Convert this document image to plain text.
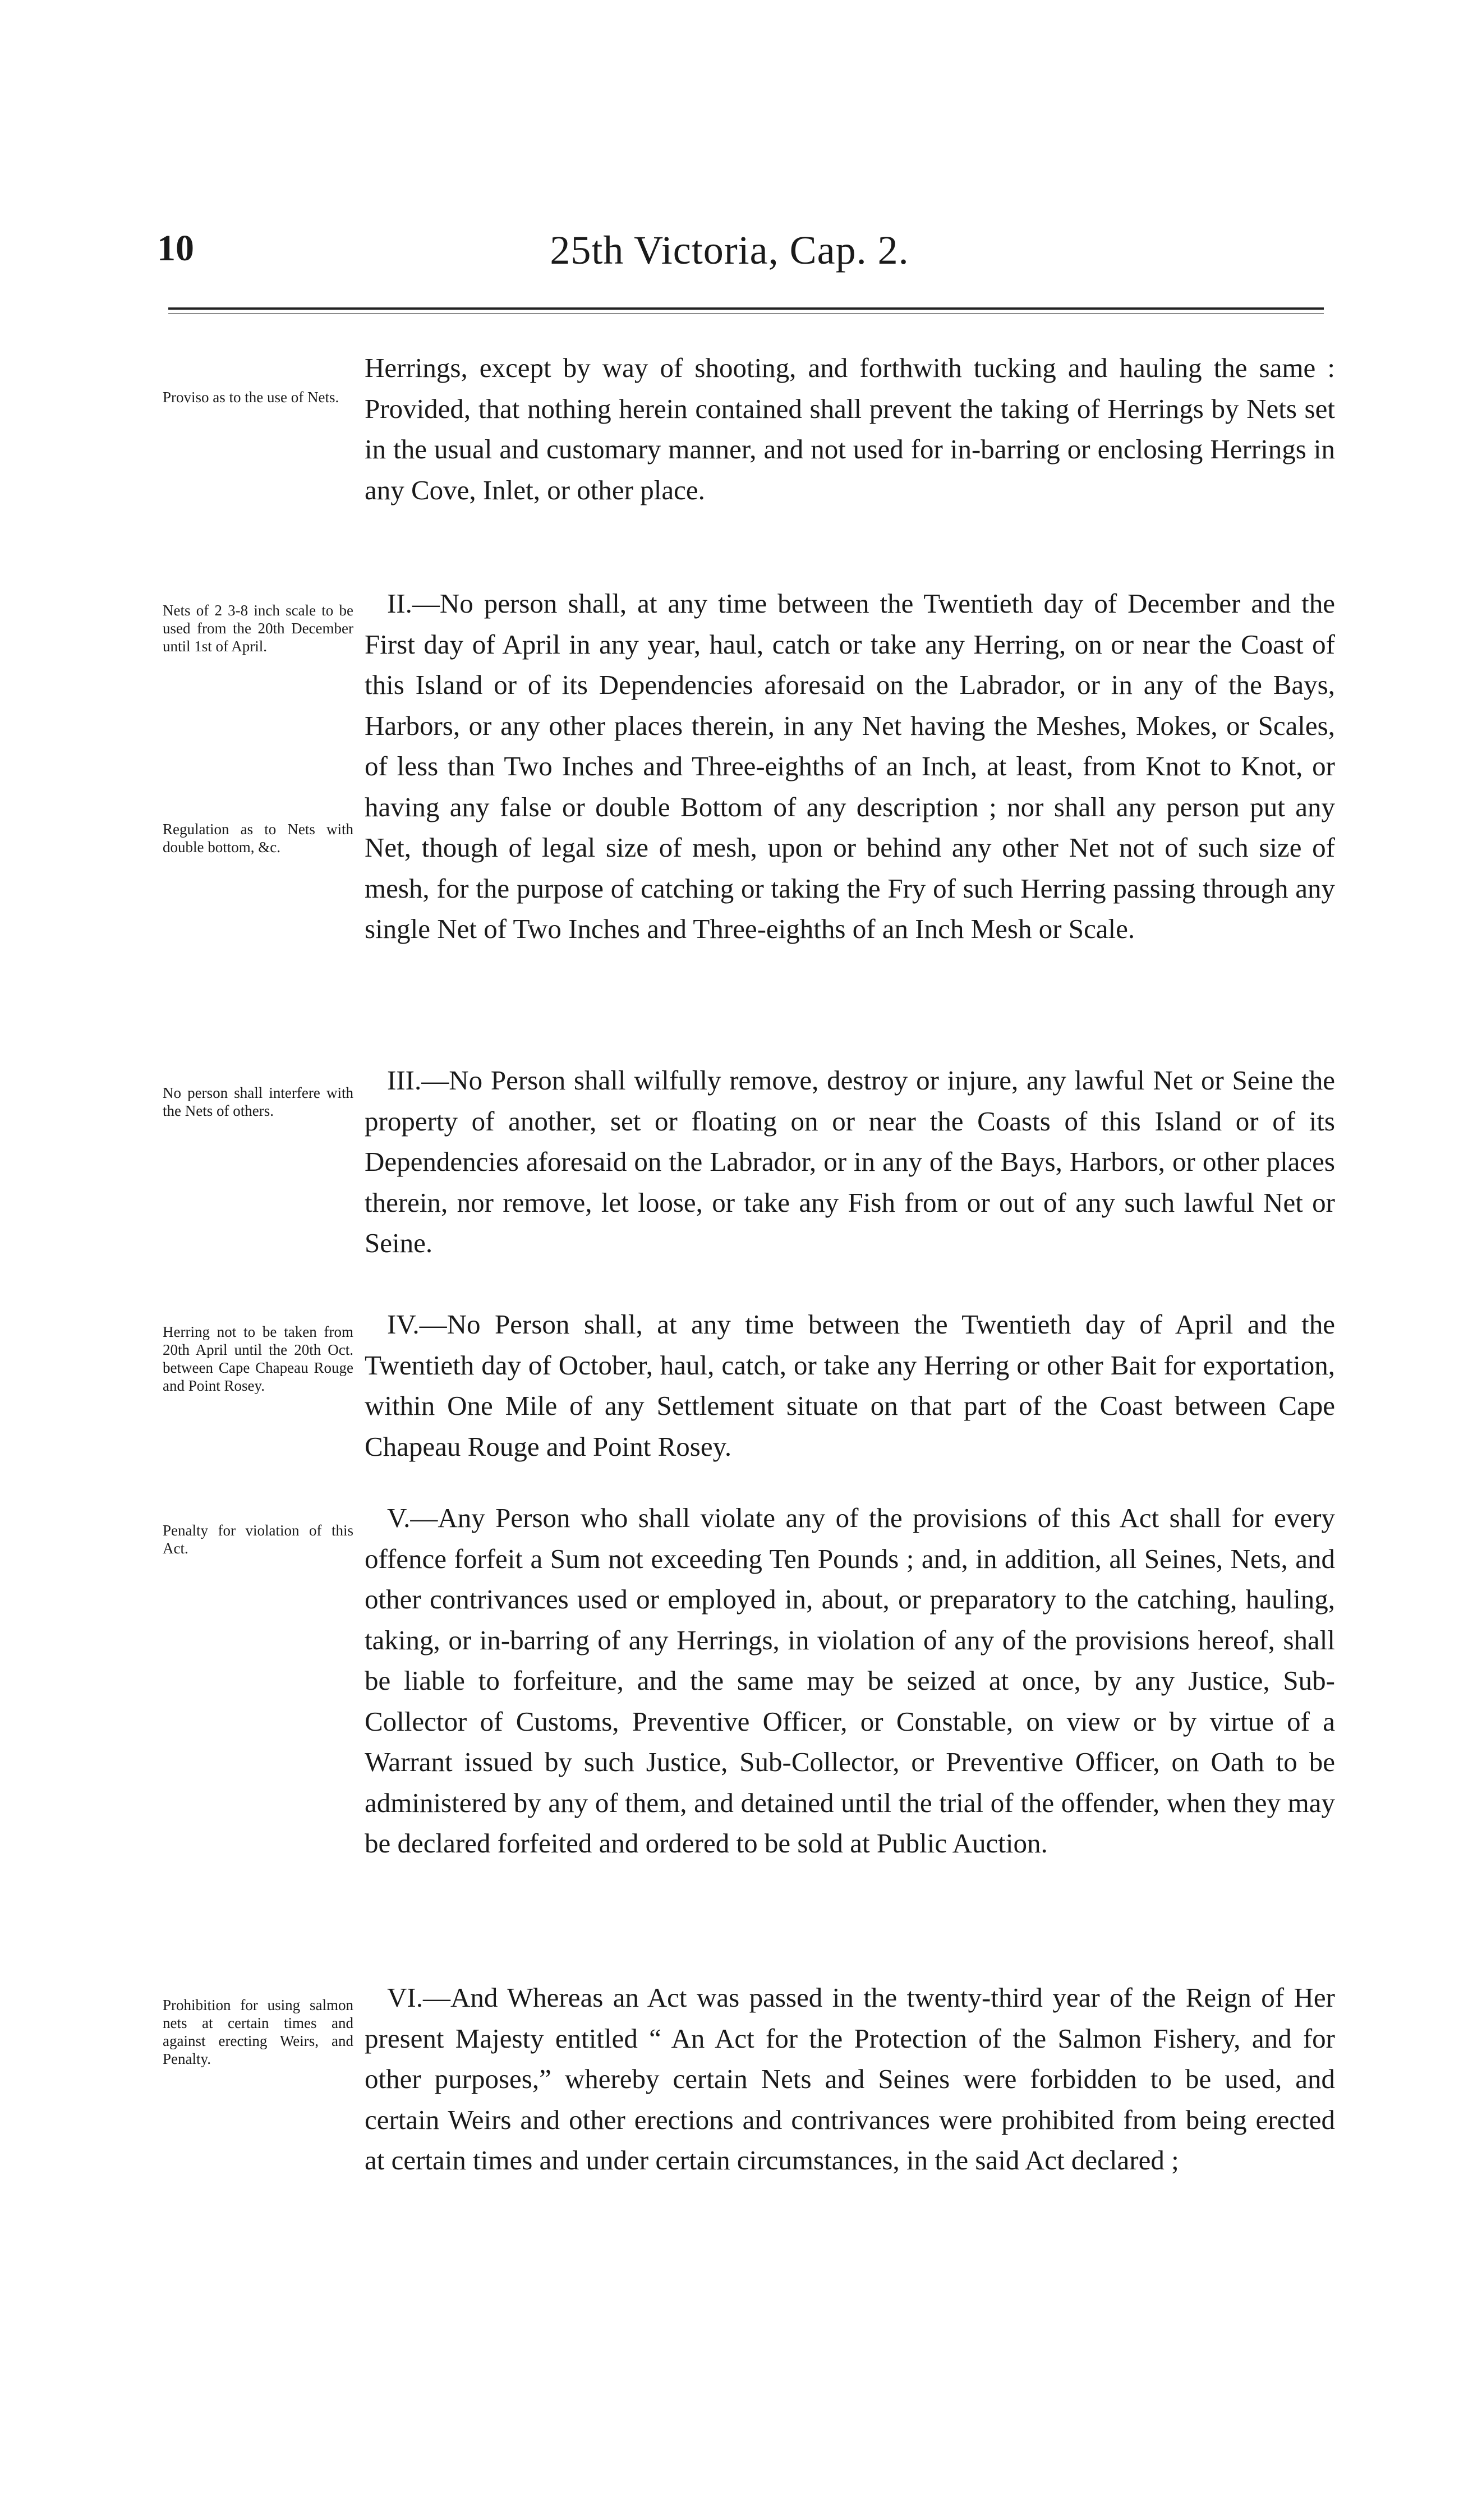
10	25th Victoria, Cap. 2.

Herrings, except by way of shooting, and forthwith tucking and hauling the same : Provided, that nothing herein contained shall prevent the taking of Herrings by Nets set in the usual and customary manner, and not used for in-barring or enclosing Herrings in any Cove, Inlet, or other place.

Proviso as to the use of Nets.

II.—No person shall, at any time between the Twentieth day of December and the First day of April in any year, haul, catch or take any Herring, on or near the Coast of this Island or of its Dependencies aforesaid on the Labrador, or in any of the Bays, Harbors, or any other places therein, in any Net having the Meshes, Mokes, or Scales, of less than Two Inches and Three-eighths of an Inch, at least, from Knot to Knot, or having any false or double Bottom of any description ; nor shall any person put any Net, though of legal size of mesh, upon or behind any other Net not of such size of mesh, for the purpose of catching or taking the Fry of such Herring passing through any single Net of Two Inches and Three-eighths of an Inch Mesh or Scale.

Nets of 2 3-8 inch scale to be used from the 20th December until 1st of April.
Regulation as to Nets with double bottom, &c.

III.—No Person shall wilfully remove, destroy or injure, any lawful Net or Seine the property of another, set or floating on or near the Coasts of this Island or of its Dependencies aforesaid on the Labrador, or in any of the Bays, Harbors, or other places therein, nor remove, let loose, or take any Fish from or out of any such lawful Net or Seine.

No person shall interfere with the Nets of others.

IV.—No Person shall, at any time between the Twentieth day of April and the Twentieth day of October, haul, catch, or take any Herring or other Bait for exportation, within One Mile of any Settlement situate on that part of the Coast between Cape Chapeau Rouge and Point Rosey.

Herring not to be taken from 20th April until the 20th Oct. between Cape Chapeau Rouge and Point Rosey.

V.—Any Person who shall violate any of the provisions of this Act shall for every offence forfeit a Sum not exceeding Ten Pounds ; and, in addition, all Seines, Nets, and other contrivances used or employed in, about, or preparatory to the catching, hauling, taking, or in-barring of any Herrings, in violation of any of the provisions hereof, shall be liable to forfeiture, and the same may be seized at once, by any Justice, Sub-Collector of Customs, Preventive Officer, or Constable, on view or by virtue of a Warrant issued by such Justice, Sub-Collector, or Preventive Officer, on Oath to be administered by any of them, and detained until the trial of the offender, when they may be declared forfeited and ordered to be sold at Public Auction.

Penalty for violation of this Act.

VI.—And Whereas an Act was passed in the twenty-third year of the Reign of Her present Majesty entitled “ An Act for the Protection of the Salmon Fishery, and for other purposes,” whereby certain Nets and Seines were forbidden to be used, and certain Weirs and other erections and contrivances were prohibited from being erected at certain times and under certain circumstances, in the said Act declared ;

Prohibition for using salmon nets at certain times and against erecting Weirs, and Penalty.
